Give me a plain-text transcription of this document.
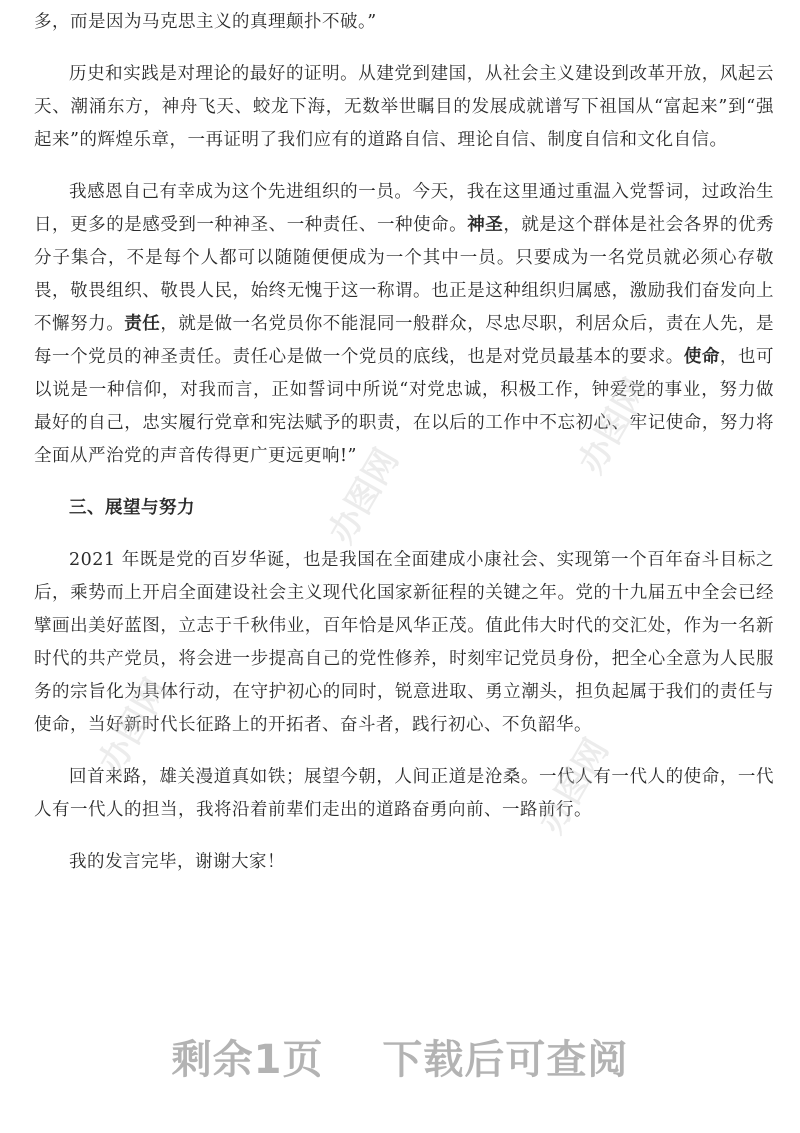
多，而是因为马克思主义的真理颠扑不破。”

历史和实践是对理论的最好的证明。从建党到建国，从社会主义建设到改革开放，风起云天、潮涌东方，神舟飞天、蛟龙下海，无数举世瞩目的发展成就谱写下祖国从“富起来”到“强起来”的辉煌乐章，一再证明了我们应有的道路自信、理论自信、制度自信和文化自信。

我感恩自己有幸成为这个先进组织的一员。今天，我在这里通过重温入党誓词，过政治生日，更多的是感受到一种神圣、一种责任、一种使命。神圣，就是这个群体是社会各界的优秀分子集合，不是每个人都可以随随便便成为一个其中一员。只要成为一名党员就必须心存敬畏，敬畏组织、敬畏人民，始终无愧于这一称谓。也正是这种组织归属感，激励我们奋发向上不懈努力。责任，就是做一名党员你不能混同一般群众，尽忠尽职，利居众后，责在人先，是每一个党员的神圣责任。责任心是做一个党员的底线，也是对党员最基本的要求。使命，也可以说是一种信仰，对我而言，正如誓词中所说“对党忠诚，积极工作，钟爱党的事业，努力做最好的自己，忠实履行党章和宪法赋予的职责，在以后的工作中不忘初心、牢记使命，努力将全面从严治党的声音传得更广更远更响!”

三、展望与努力

2021 年既是党的百岁华诞，也是我国在全面建成小康社会、实现第一个百年奋斗目标之后，乘势而上开启全面建设社会主义现代化国家新征程的关键之年。党的十九届五中全会已经擘画出美好蓝图，立志于千秋伟业，百年恰是风华正茂。值此伟大时代的交汇处，作为一名新时代的共产党员，将会进一步提高自己的党性修养，时刻牢记党员身份，把全心全意为人民服务的宗旨化为具体行动，在守护初心的同时，锐意进取、勇立潮头，担负起属于我们的责任与使命，当好新时代长征路上的开拓者、奋斗者，践行初心、不负韶华。

回首来路，雄关漫道真如铁；展望今朝，人间正道是沧桑。一代人有一代人的使命，一代人有一代人的担当，我将沿着前辈们走出的道路奋勇向前、一路前行。

我的发言完毕，谢谢大家！

办图网
办图网
办图网
办图网
剩余1页 下载后可查阅
